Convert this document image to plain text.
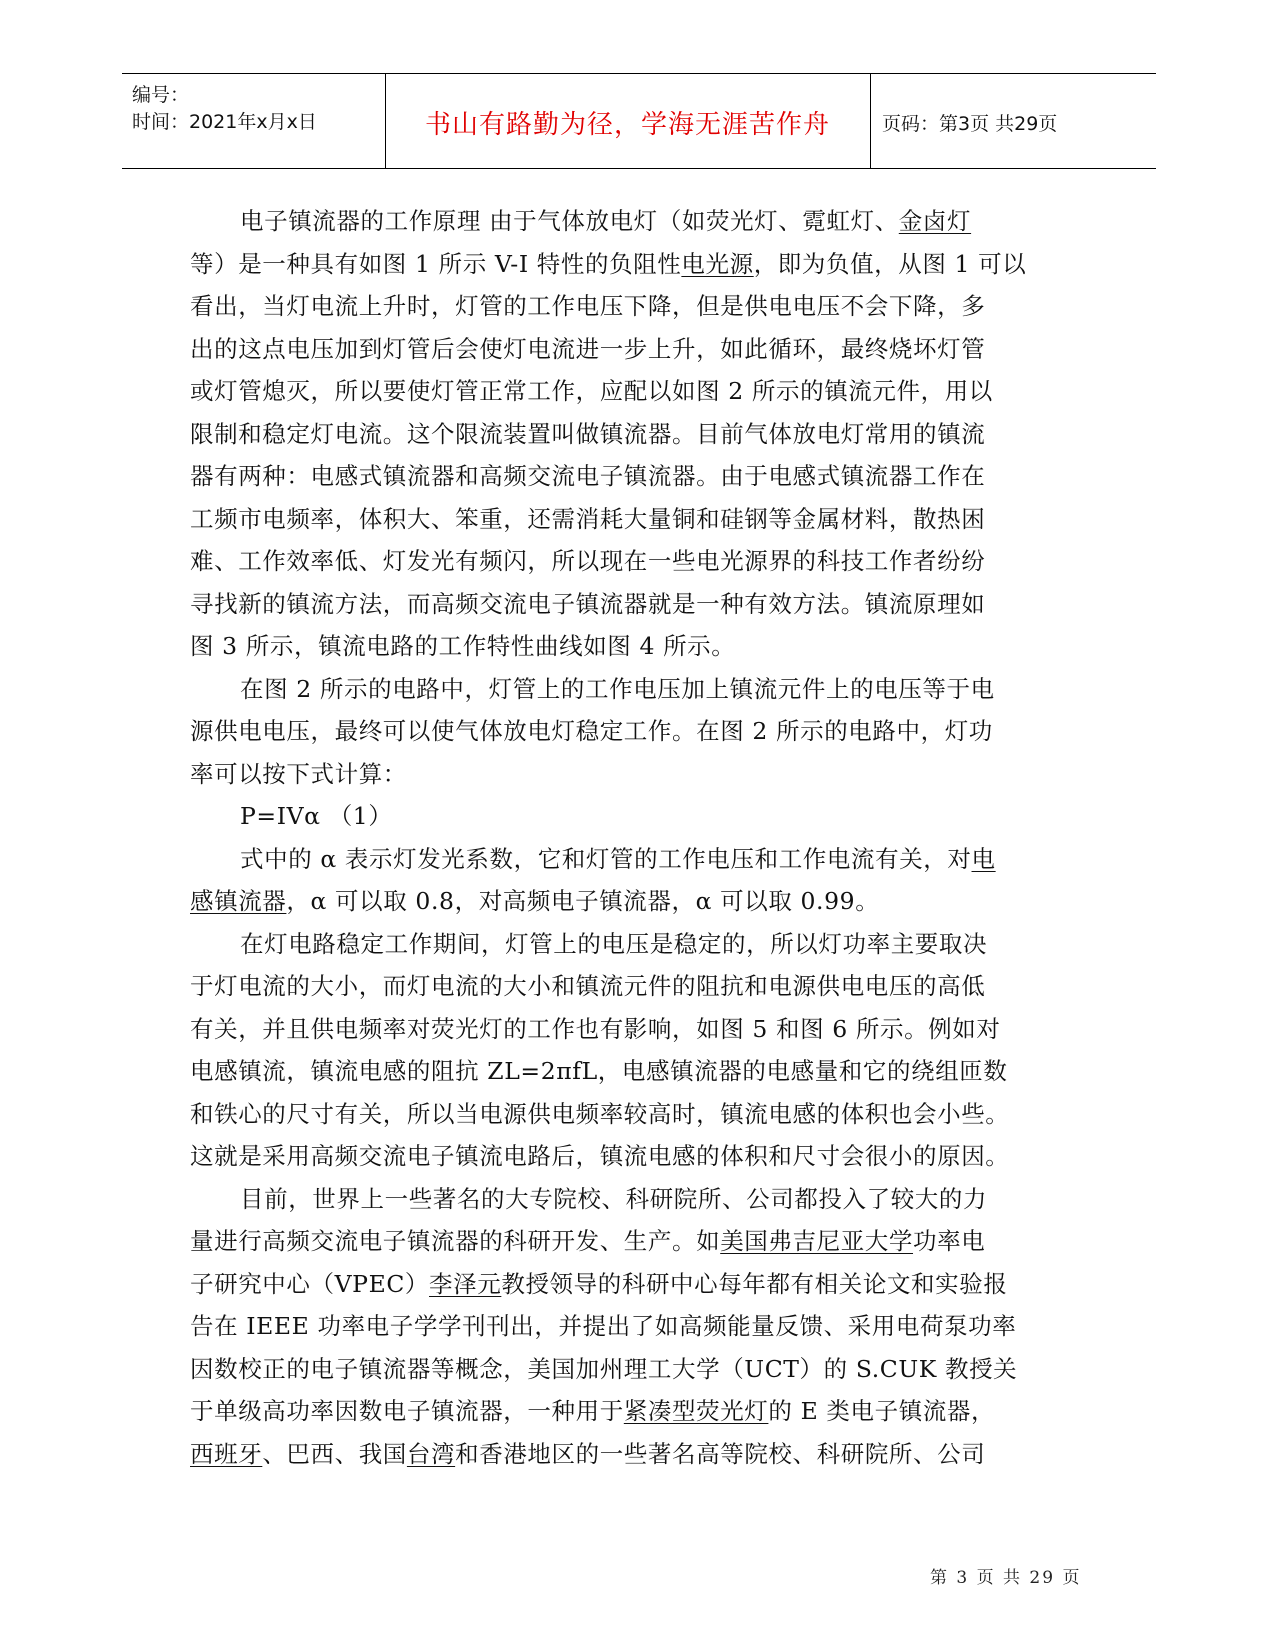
编号：
时间：2021年x月x日	书山有路勤为径，学海无涯苦作舟	页码：第3页 共29页
电子镇流器的工作原理 由于气体放电灯（如荧光灯、霓虹灯、金卤灯
等）是一种具有如图 1 所示 V-I 特性的负阻性电光源，即为负值，从图 1 可以
看出，当灯电流上升时，灯管的工作电压下降，但是供电电压不会下降，多
出的这点电压加到灯管后会使灯电流进一步上升，如此循环，最终烧坏灯管
或灯管熄灭，所以要使灯管正常工作，应配以如图 2 所示的镇流元件，用以
限制和稳定灯电流。这个限流装置叫做镇流器。目前气体放电灯常用的镇流
器有两种：电感式镇流器和高频交流电子镇流器。由于电感式镇流器工作在
工频市电频率，体积大、笨重，还需消耗大量铜和硅钢等金属材料，散热困
难、工作效率低、灯发光有频闪，所以现在一些电光源界的科技工作者纷纷
寻找新的镇流方法，而高频交流电子镇流器就是一种有效方法。镇流原理如
图 3 所示，镇流电路的工作特性曲线如图 4 所示。
在图 2 所示的电路中，灯管上的工作电压加上镇流元件上的电压等于电
源供电电压，最终可以使气体放电灯稳定工作。在图 2 所示的电路中，灯功
率可以按下式计算：
P=IVα （1）
式中的 α 表示灯发光系数，它和灯管的工作电压和工作电流有关，对电
感镇流器，α 可以取 0.8，对高频电子镇流器，α 可以取 0.99。
在灯电路稳定工作期间，灯管上的电压是稳定的，所以灯功率主要取决
于灯电流的大小，而灯电流的大小和镇流元件的阻抗和电源供电电压的高低
有关，并且供电频率对荧光灯的工作也有影响，如图 5 和图 6 所示。例如对
电感镇流，镇流电感的阻抗 ZL=2πfL，电感镇流器的电感量和它的绕组匝数
和铁心的尺寸有关，所以当电源供电频率较高时，镇流电感的体积也会小些。
这就是采用高频交流电子镇流电路后，镇流电感的体积和尺寸会很小的原因。
目前，世界上一些著名的大专院校、科研院所、公司都投入了较大的力
量进行高频交流电子镇流器的科研开发、生产。如美国弗吉尼亚大学功率电
子研究中心（VPEC）李泽元教授领导的科研中心每年都有相关论文和实验报
告在 IEEE 功率电子学学刊刊出，并提出了如高频能量反馈、采用电荷泵功率
因数校正的电子镇流器等概念，美国加州理工大学（UCT）的 S.CUK 教授关
于单级高功率因数电子镇流器，一种用于紧凑型荧光灯的 E 类电子镇流器，
西班牙、巴西、我国台湾和香港地区的一些著名高等院校、科研院所、公司
第 3 页 共 29 页
